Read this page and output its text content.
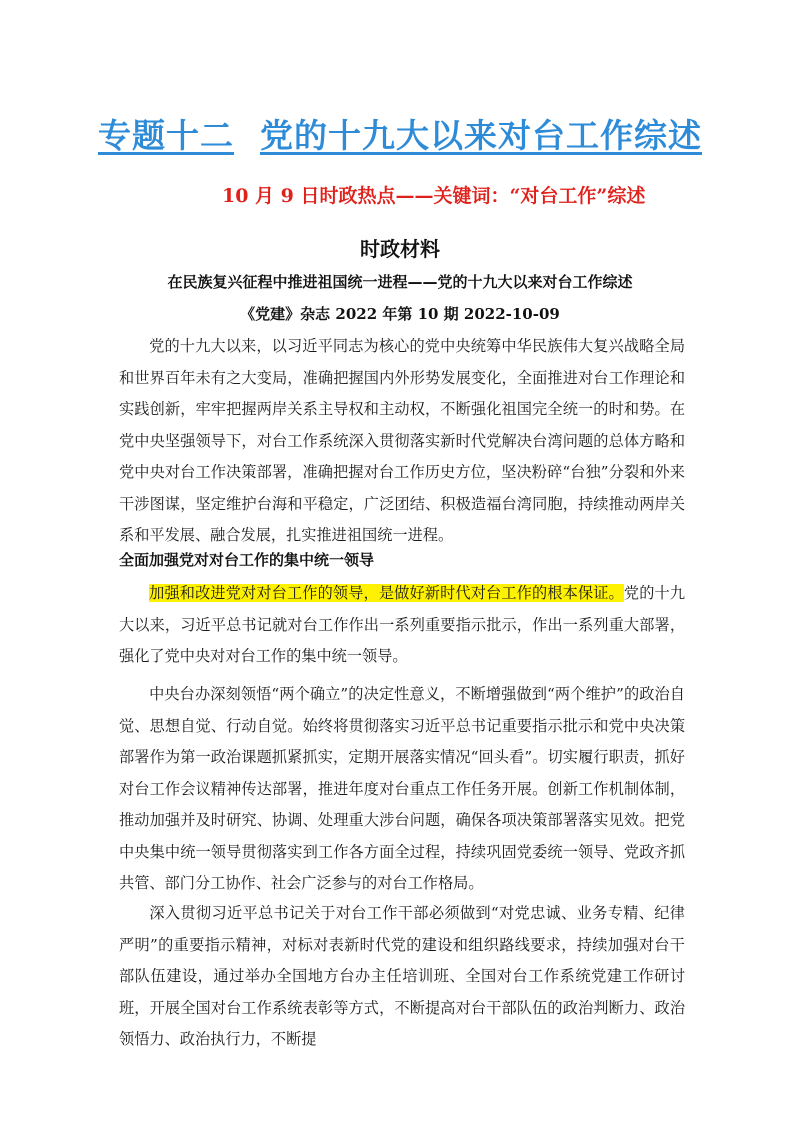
专题十二 党的十九大以来对台工作综述
10 月 9 日时政热点——关键词：“对台工作”综述
时政材料
在民族复兴征程中推进祖国统一进程——党的十九大以来对台工作综述
《党建》杂志 2022 年第 10 期 2022-10-09
党的十九大以来，以习近平同志为核心的党中央统筹中华民族伟大复兴战略全局和世界百年未有之大变局，准确把握国内外形势发展变化，全面推进对台工作理论和实践创新，牢牢把握两岸关系主导权和主动权，不断强化祖国完全统一的时和势。在党中央坚强领导下，对台工作系统深入贯彻落实新时代党解决台湾问题的总体方略和党中央对台工作决策部署，准确把握对台工作历史方位，坚决粉碎“台独”分裂和外来干涉图谋，坚定维护台海和平稳定，广泛团结、积极造福台湾同胞，持续推动两岸关系和平发展、融合发展，扎实推进祖国统一进程。
全面加强党对对台工作的集中统一领导
加强和改进党对对台工作的领导，是做好新时代对台工作的根本保证。党的十九大以来，习近平总书记就对台工作作出一系列重要指示批示，作出一系列重大部署，强化了党中央对对台工作的集中统一领导。
中央台办深刻领悟“两个确立”的决定性意义，不断增强做到“两个维护”的政治自觉、思想自觉、行动自觉。始终将贯彻落实习近平总书记重要指示批示和党中央决策部署作为第一政治课题抓紧抓实，定期开展落实情况“回头看”。切实履行职责，抓好对台工作会议精神传达部署，推进年度对台重点工作任务开展。创新工作机制体制，推动加强并及时研究、协调、处理重大涉台问题，确保各项决策部署落实见效。把党中央集中统一领导贯彻落实到工作各方面全过程，持续巩固党委统一领导、党政齐抓共管、部门分工协作、社会广泛参与的对台工作格局。
深入贯彻习近平总书记关于对台工作干部必须做到“对党忠诚、业务专精、纪律严明”的重要指示精神，对标对表新时代党的建设和组织路线要求，持续加强对台干部队伍建设，通过举办全国地方台办主任培训班、全国对台工作系统党建工作研讨班，开展全国对台工作系统表彰等方式，不断提高对台干部队伍的政治判断力、政治领悟力、政治执行力，不断提
